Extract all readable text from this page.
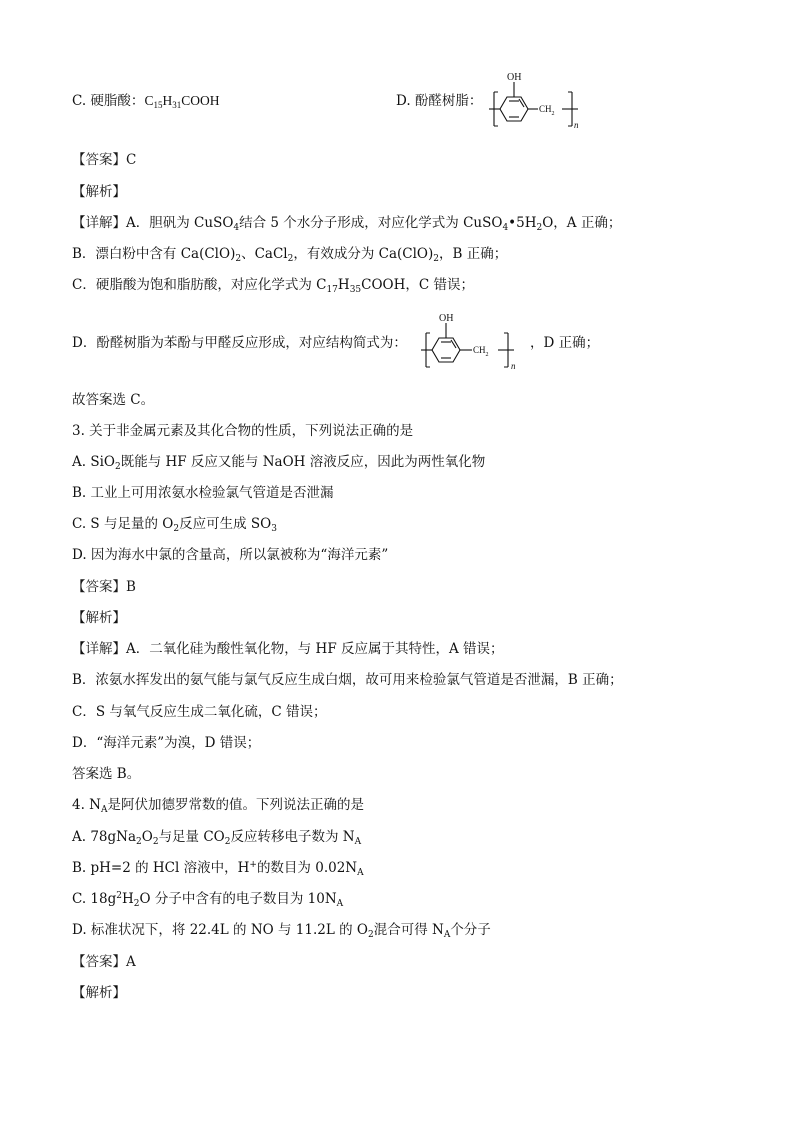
C. 硬脂酸：$C_{15}H_{31}COOH$	D. 酚醛树脂：
OH
$CH_2$
n
【答案】C
【解析】
【详解】A．胆矾为 CuSO$_4$结合 5 个水分子形成，对应化学式为 $CuSO_4•5H_2O$，A 正确；
B．漂白粉中含有 $Ca(ClO)_2$、CaCl$_2$，有效成分为 $Ca(ClO)_2$，B 正确；
C．硬脂酸为饱和脂肪酸，对应化学式为 $C_{17}H_{35}COOH$，C 错误；
D．酚醛树脂为苯酚与甲醛反应形成，对应结构简式为：	，D 正确；
OH
$CH_2$
n
故答案选 C。
3. 关于非金属元素及其化合物的性质，下列说法正确的是
A. SiO$_2$既能与 HF 反应又能与 NaOH 溶液反应，因此为两性氧化物
B. 工业上可用浓氨水检验氯气管道是否泄漏
C. S 与足量的 $O_2$反应可生成 $SO_3$
D. 因为海水中氯的含量高，所以氯被称为“海洋元素”
【答案】B
【解析】
【详解】A．二氧化硅为酸性氧化物，与 HF 反应属于其特性，A 错误；
B．浓氨水挥发出的氨气能与氯气反应生成白烟，故可用来检验氯气管道是否泄漏，B 正确；
C．S 与氧气反应生成二氧化硫，C 错误；
D．“海洋元素”为溴，D 错误；
答案选 B。
4. $N_A$是阿伏加德罗常数的值。下列说法正确的是
A. $78gNa_2O_2$与足量 $CO_2$反应转移电子数为 $N_A$
B. pH=2 的 HCl 溶液中，H+的数目为 $0.02N_A$
C. $18g^2H_2O$ 分子中含有的电子数目为 $10N_A$
D. 标准状况下，将 22.4L 的 NO 与 11.2L 的 $O_2$混合可得 $N_A$个分子
【答案】A
【解析】
